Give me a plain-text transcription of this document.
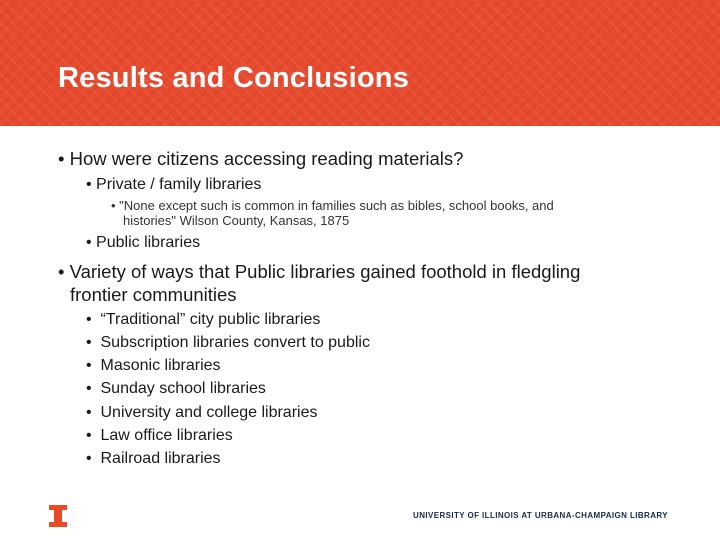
Results and Conclusions

• How were citizens accessing reading materials?

• Private / family libraries

• "None except such is common in families such as bibles, school books, and

histories" Wilson County, Kansas, 1875

• Public libraries

• Variety of ways that Public libraries gained foothold in fledgling

frontier communities

•  “Traditional” city public libraries

•  Subscription libraries convert to public

•  Masonic libraries

•  Sunday school libraries

•  University and college libraries

•  Law office libraries

•  Railroad libraries

UNIVERSITY OF ILLINOIS AT URBANA-CHAMPAIGN LIBRARY
